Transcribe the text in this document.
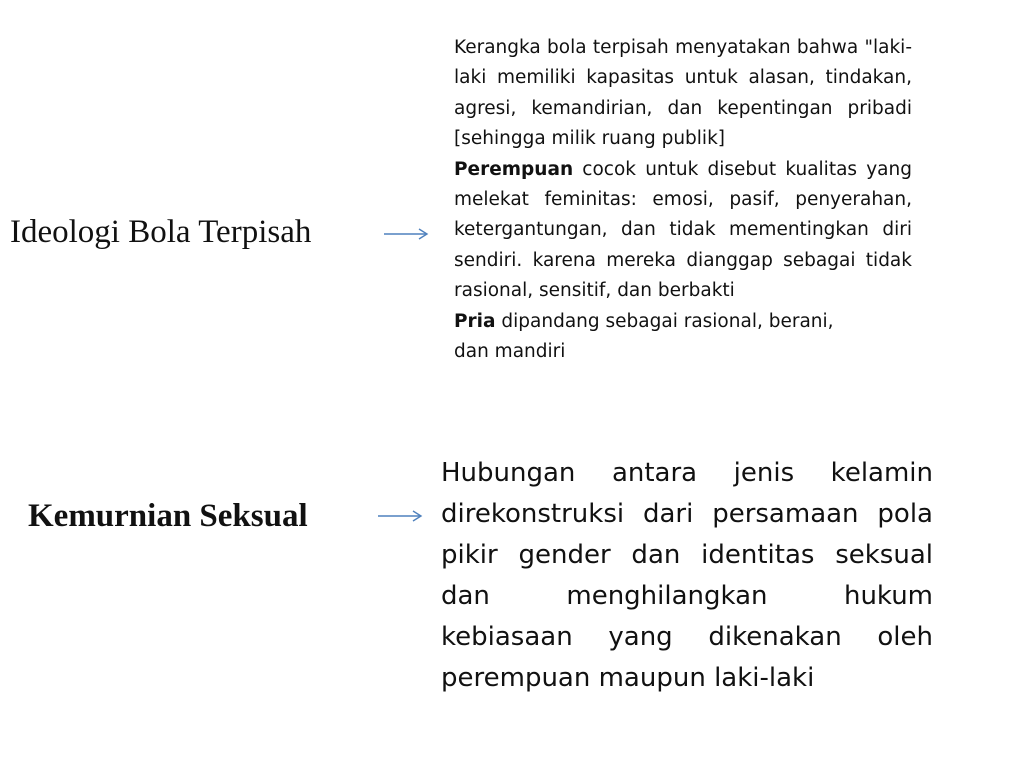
Ideologi Bola Terpisah

Kerangka bola terpisah menyatakan bahwa "laki-laki memiliki kapasitas untuk alasan, tindakan, agresi, kemandirian, dan kepentingan pribadi [sehingga milik ruang publik]

Perempuan cocok untuk disebut kualitas yang melekat feminitas: emosi, pasif, penyerahan, ketergantungan, dan tidak mementingkan diri sendiri. karena mereka dianggap sebagai tidak rasional, sensitif, dan berbakti

Pria dipandang sebagai rasional, berani, dan mandiri

Kemurnian Seksual

Hubungan antara jenis kelamin direkonstruksi dari persamaan pola pikir gender dan identitas seksual dan menghilangkan hukum kebiasaan yang dikenakan oleh perempuan maupun laki-laki
